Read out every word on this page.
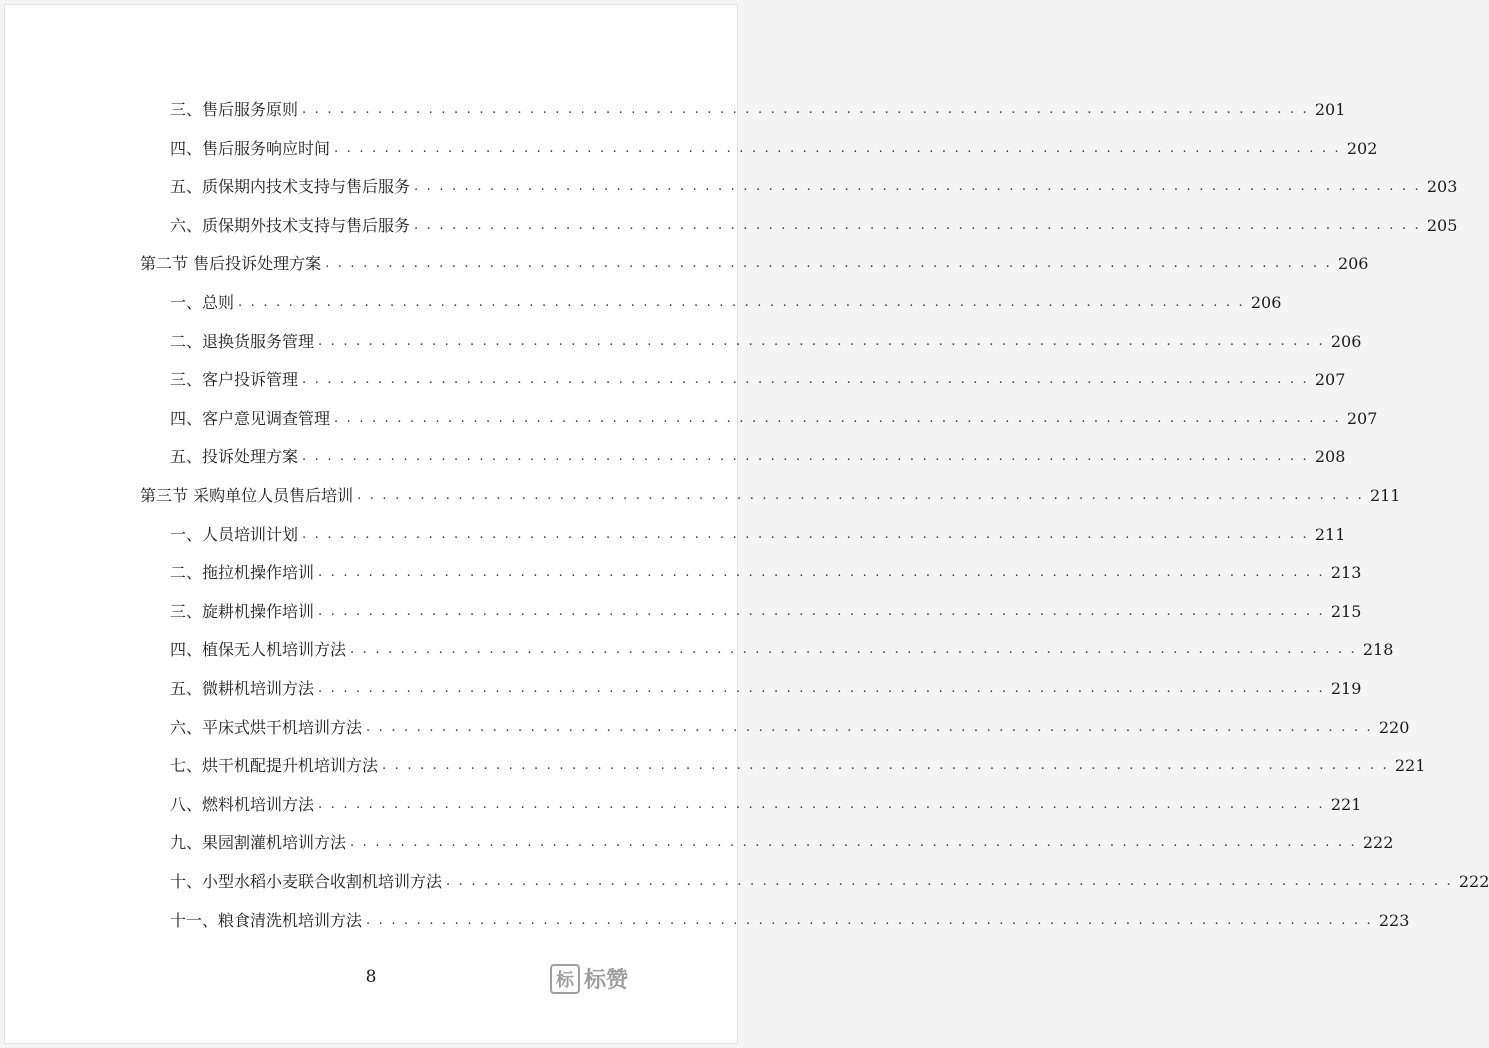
三、售后服务原则 . . . . . . . . . . . . . . . . . . . . . . . . . . . . . . . . . . . . . . . . . . . . . . . . . . . . . . . . . . . . . . . . . . . . . . . . . . . . . . . . 201
四、售后服务响应时间 . . . . . . . . . . . . . . . . . . . . . . . . . . . . . . . . . . . . . . . . . . . . . . . . . . . . . . . . . . . . . . . . . . . . . . . . . . . . . . . . 202
五、质保期内技术支持与售后服务 . . . . . . . . . . . . . . . . . . . . . . . . . . . . . . . . . . . . . . . . . . . . . . . . . . . . . . . . . . . . . . . . . . . . . . . . . . . . . . . . 203
六、质保期外技术支持与售后服务 . . . . . . . . . . . . . . . . . . . . . . . . . . . . . . . . . . . . . . . . . . . . . . . . . . . . . . . . . . . . . . . . . . . . . . . . . . . . . . . . 205
第二节 售后投诉处理方案 . . . . . . . . . . . . . . . . . . . . . . . . . . . . . . . . . . . . . . . . . . . . . . . . . . . . . . . . . . . . . . . . . . . . . . . . . . . . . . . . 206
一、总则 . . . . . . . . . . . . . . . . . . . . . . . . . . . . . . . . . . . . . . . . . . . . . . . . . . . . . . . . . . . . . . . . . . . . . . . . . . . . . . . . 206
二、退换货服务管理 . . . . . . . . . . . . . . . . . . . . . . . . . . . . . . . . . . . . . . . . . . . . . . . . . . . . . . . . . . . . . . . . . . . . . . . . . . . . . . . . 206
三、客户投诉管理 . . . . . . . . . . . . . . . . . . . . . . . . . . . . . . . . . . . . . . . . . . . . . . . . . . . . . . . . . . . . . . . . . . . . . . . . . . . . . . . . 207
四、客户意见调查管理 . . . . . . . . . . . . . . . . . . . . . . . . . . . . . . . . . . . . . . . . . . . . . . . . . . . . . . . . . . . . . . . . . . . . . . . . . . . . . . . . 207
五、投诉处理方案 . . . . . . . . . . . . . . . . . . . . . . . . . . . . . . . . . . . . . . . . . . . . . . . . . . . . . . . . . . . . . . . . . . . . . . . . . . . . . . . . 208
第三节 采购单位人员售后培训 . . . . . . . . . . . . . . . . . . . . . . . . . . . . . . . . . . . . . . . . . . . . . . . . . . . . . . . . . . . . . . . . . . . . . . . . . . . . . . . . 211
一、人员培训计划 . . . . . . . . . . . . . . . . . . . . . . . . . . . . . . . . . . . . . . . . . . . . . . . . . . . . . . . . . . . . . . . . . . . . . . . . . . . . . . . . 211
二、拖拉机操作培训 . . . . . . . . . . . . . . . . . . . . . . . . . . . . . . . . . . . . . . . . . . . . . . . . . . . . . . . . . . . . . . . . . . . . . . . . . . . . . . . . 213
三、旋耕机操作培训 . . . . . . . . . . . . . . . . . . . . . . . . . . . . . . . . . . . . . . . . . . . . . . . . . . . . . . . . . . . . . . . . . . . . . . . . . . . . . . . . 215
四、植保无人机培训方法 . . . . . . . . . . . . . . . . . . . . . . . . . . . . . . . . . . . . . . . . . . . . . . . . . . . . . . . . . . . . . . . . . . . . . . . . . . . . . . . . 218
五、微耕机培训方法 . . . . . . . . . . . . . . . . . . . . . . . . . . . . . . . . . . . . . . . . . . . . . . . . . . . . . . . . . . . . . . . . . . . . . . . . . . . . . . . . 219
六、平床式烘干机培训方法 . . . . . . . . . . . . . . . . . . . . . . . . . . . . . . . . . . . . . . . . . . . . . . . . . . . . . . . . . . . . . . . . . . . . . . . . . . . . . . . . 220
七、烘干机配提升机培训方法 . . . . . . . . . . . . . . . . . . . . . . . . . . . . . . . . . . . . . . . . . . . . . . . . . . . . . . . . . . . . . . . . . . . . . . . . . . . . . . . . 221
八、燃料机培训方法 . . . . . . . . . . . . . . . . . . . . . . . . . . . . . . . . . . . . . . . . . . . . . . . . . . . . . . . . . . . . . . . . . . . . . . . . . . . . . . . . 221
九、果园割灌机培训方法 . . . . . . . . . . . . . . . . . . . . . . . . . . . . . . . . . . . . . . . . . . . . . . . . . . . . . . . . . . . . . . . . . . . . . . . . . . . . . . . . 222
十、小型水稻小麦联合收割机培训方法 . . . . . . . . . . . . . . . . . . . . . . . . . . . . . . . . . . . . . . . . . . . . . . . . . . . . . . . . . . . . . . . . . . . . . . . . . . . . . . . . 222
十一、粮食清洗机培训方法 . . . . . . . . . . . . . . . . . . . . . . . . . . . . . . . . . . . . . . . . . . . . . . . . . . . . . . . . . . . . . . . . . . . . . . . . . . . . . . . . 223
8	标 标赞
